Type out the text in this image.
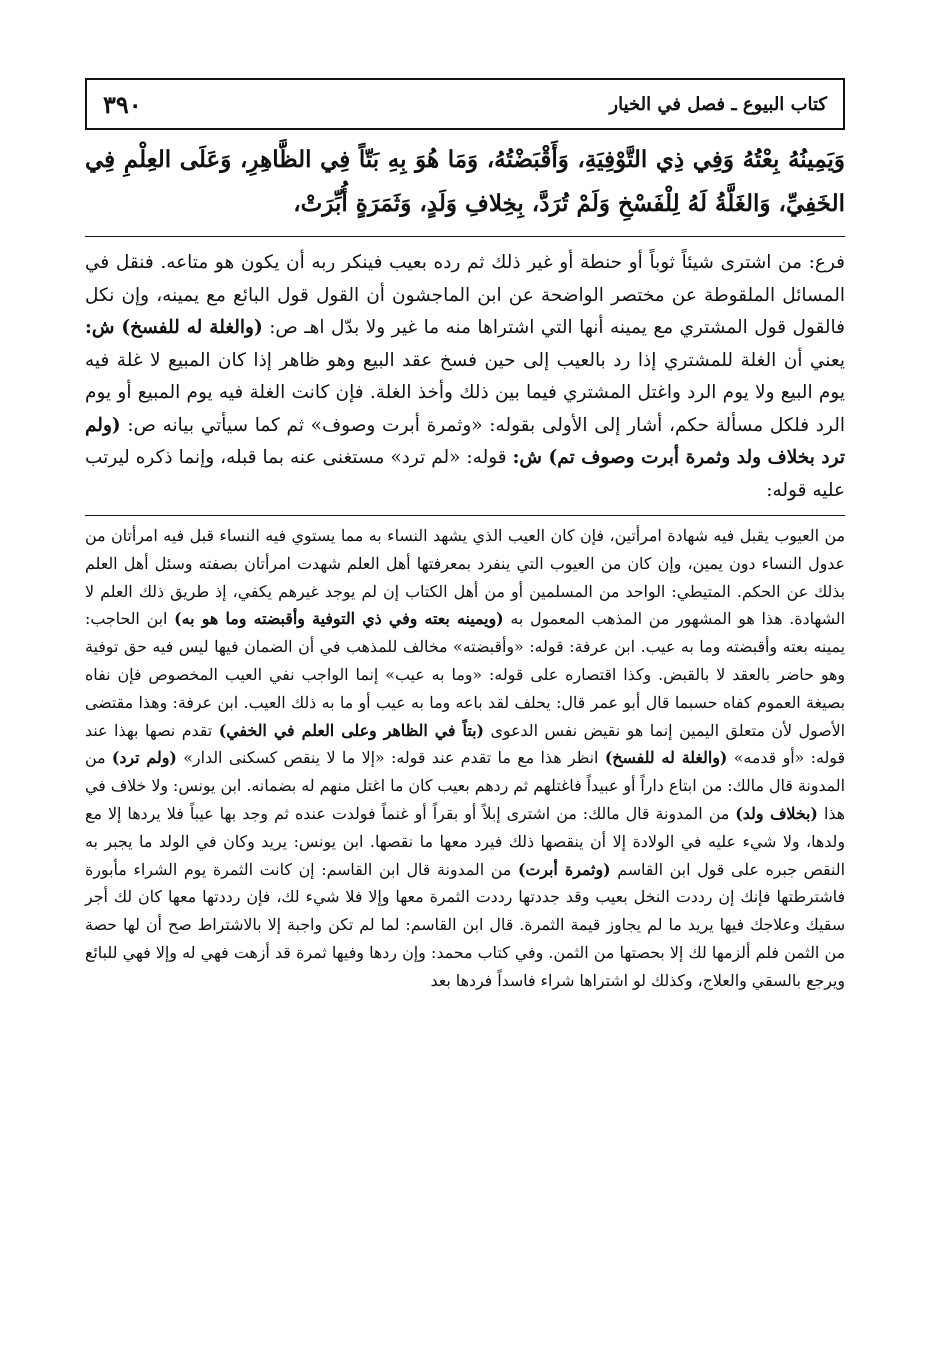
كتاب البيوع ـ فصل في الخيار
٣٩٠

وَيَمِينُهُ بِعْتُهُ وَفِي ذِي التَّوْفِيَةِ، وَأَقْبَضْتُهُ، وَمَا هُوَ بِهِ بَتّاً فِي الظَّاهِرِ، وَعَلَى العِلْمِ فِي الخَفِيِّ، وَالغَلَّةُ لَهُ لِلْفَسْخِ وَلَمْ تُرَدَّ، بِخِلافِ وَلَدٍ، وَثَمَرَةٍ أُبِّرَتْ،

فرع: من اشترى شيئاً ثوباً أو حنطة أو غير ذلك ثم رده بعيب فينكر ربه أن يكون هو متاعه. فنقل في المسائل الملقوطة عن مختصر الواضحة عن ابن الماجشون أن القول قول البائع مع يمينه، وإن نكل فالقول قول المشتري مع يمينه أنها التي اشتراها منه ما غير ولا بدّل اهـ ص: (والغلة له للفسخ) ش: يعني أن الغلة للمشتري إذا رد بالعيب إلى حين فسخ عقد البيع وهو ظاهر إذا كان المبيع لا غلة فيه يوم البيع ولا يوم الرد واغتل المشتري فيما بين ذلك وأخذ الغلة. فإن كانت الغلة فيه يوم المبيع أو يوم الرد فلكل مسألة حكم، أشار إلى الأولى بقوله: «وثمرة أبرت وصوف» ثم كما سيأتي بيانه ص: (ولم ترد بخلاف ولد وثمرة أبرت وصوف تم) ش: قوله: «لم ترد» مستغنى عنه بما قبله، وإنما ذكره ليرتب عليه قوله:

من العيوب يقبل فيه شهادة امرأتين، فإن كان العيب الذي يشهد النساء به مما يستوي فيه النساء قبل فيه امرأتان من عدول النساء دون يمين، وإن كان من العيوب التي ينفرد بمعرفتها أهل العلم شهدت امرأتان بصفته وسئل أهل العلم بذلك عن الحكم. المتيطي: الواحد من المسلمين أو من أهل الكتاب إن لم يوجد غيرهم يكفي، إذ طريق ذلك العلم لا الشهادة. هذا هو المشهور من المذهب المعمول به (ويمينه بعته وفي ذي التوفية وأقبضته وما هو به) ابن الحاجب: يمينه بعته وأقبضته وما به عيب. ابن عرفة: قوله: «وأقبضته» مخالف للمذهب في أن الضمان فيها ليس فيه حق توفية وهو حاضر بالعقد لا بالقبض. وكذا اقتصاره على قوله: «وما به عيب» إنما الواجب نفي العيب المخصوص فإن نفاه بصيغة العموم كفاه حسبما قال أبو عمر قال: يحلف لقد باعه وما به عيب أو ما به ذلك العيب. ابن عرفة: وهذا مقتضى الأصول لأن متعلق اليمين إنما هو نقيض نفس الدعوى (بتاً في الظاهر وعلى العلم في الخفي) تقدم نصها بهذا عند قوله: «أو قدمه» (والغلة له للفسخ) انظر هذا مع ما تقدم عند قوله: «إلا ما لا ينقص كسكنى الدار» (ولم ترد) من المدونة قال مالك: من ابتاع داراً أو عبيداً فاغتلهم ثم ردهم بعيب كان ما اغتل منهم له بضمانه. ابن يونس: ولا خلاف في هذا (بخلاف ولد) من المدونة قال مالك: من اشترى إبلاً أو بقراً أو غنماً فولدت عنده ثم وجد بها عيباً فلا يردها إلا مع ولدها، ولا شيء عليه في الولادة إلا أن ينقصها ذلك فيرد معها ما نقصها. ابن يونس: يريد وكان في الولد ما يجبر به النقص جبره على قول ابن القاسم (وثمرة أبرت) من المدونة قال ابن القاسم: إن كانت الثمرة يوم الشراء مأبورة فاشترطتها فإنك إن رددت النخل بعيب وقد جددتها رددت الثمرة معها وإلا فلا شيء لك، فإن رددتها معها كان لك أجر سقيك وعلاجك فيها يريد ما لم يجاوز قيمة الثمرة. قال ابن القاسم: لما لم تكن واجبة إلا بالاشتراط صح أن لها حصة من الثمن فلم ألزمها لك إلا بحصتها من الثمن. وفي كتاب محمد: وإن ردها وفيها ثمرة قد أزهت فهي له وإلا فهي للبائع ويرجع بالسقي والعلاج، وكذلك لو اشتراها شراء فاسداً فردها بعد
